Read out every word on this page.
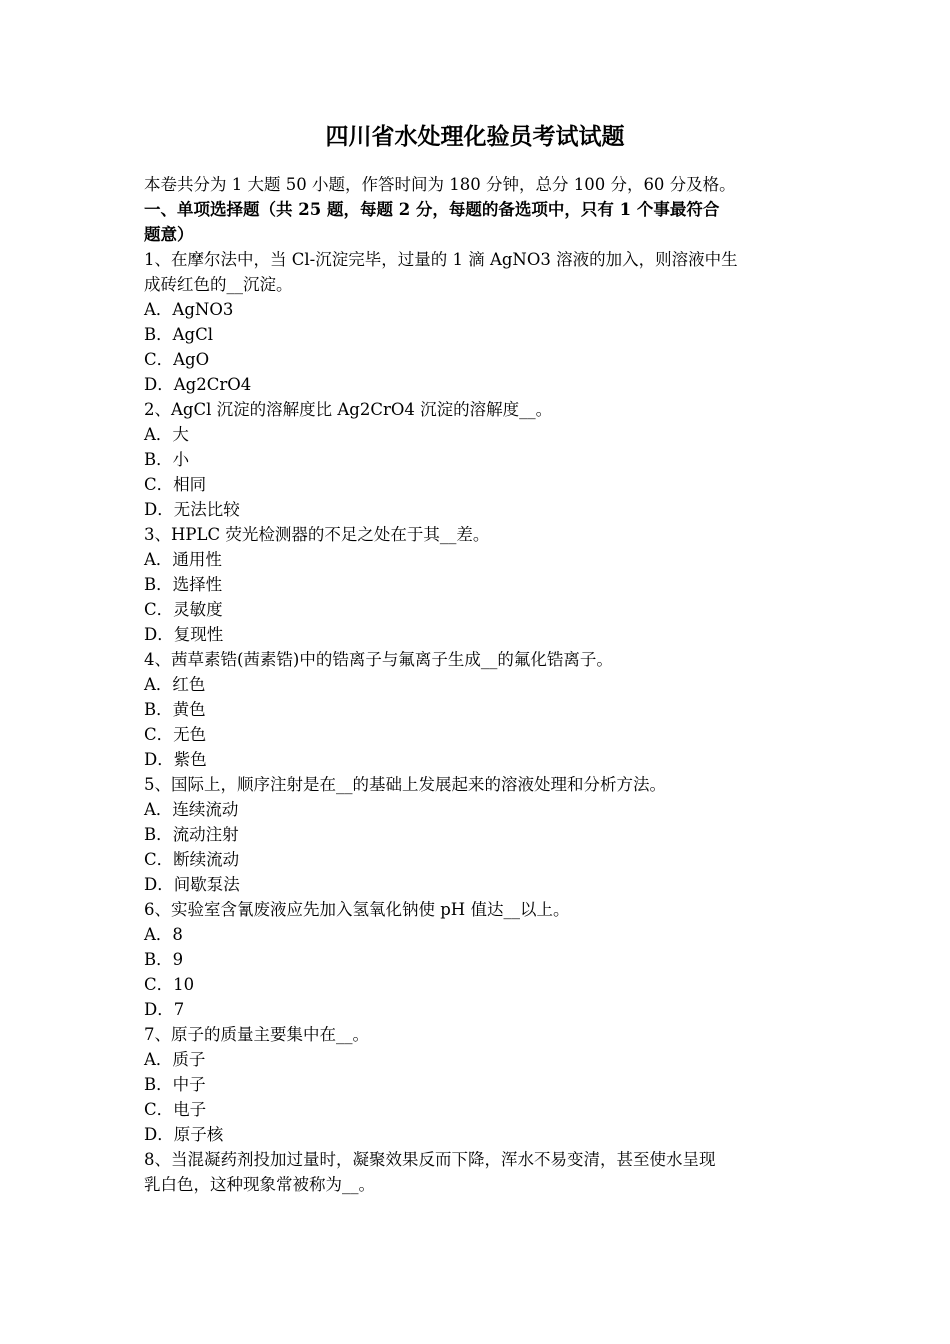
四川省水处理化验员考试试题
本卷共分为 1 大题 50 小题，作答时间为 180 分钟，总分 100 分，60 分及格。
一、单项选择题（共 25 题，每题 2 分，每题的备选项中，只有 1 个事最符合
题意）
1、在摩尔法中，当 Cl-沉淀完毕，过量的 1 滴 AgNO3 溶液的加入，则溶液中生
成砖红色的__沉淀。
A．AgNO3
B．AgCl
C．AgO
D．Ag2CrO4
2、AgCl 沉淀的溶解度比 Ag2CrO4 沉淀的溶解度__。
A．大
B．小
C．相同
D．无法比较
3、HPLC 荧光检测器的不足之处在于其__差。
A．通用性
B．选择性
C．灵敏度
D．复现性
4、茜草素锆(茜素锆)中的锆离子与氟离子生成__的氟化锆离子。
A．红色
B．黄色
C．无色
D．紫色
5、国际上，顺序注射是在__的基础上发展起来的溶液处理和分析方法。
A．连续流动
B．流动注射
C．断续流动
D．间歇泵法
6、实验室含氰废液应先加入氢氧化钠使 pH 值达__以上。
A．8
B．9
C．10
D．7
7、原子的质量主要集中在__。
A．质子
B．中子
C．电子
D．原子核
8、当混凝药剂投加过量时，凝聚效果反而下降，浑水不易变清，甚至使水呈现
乳白色，这种现象常被称为__。
